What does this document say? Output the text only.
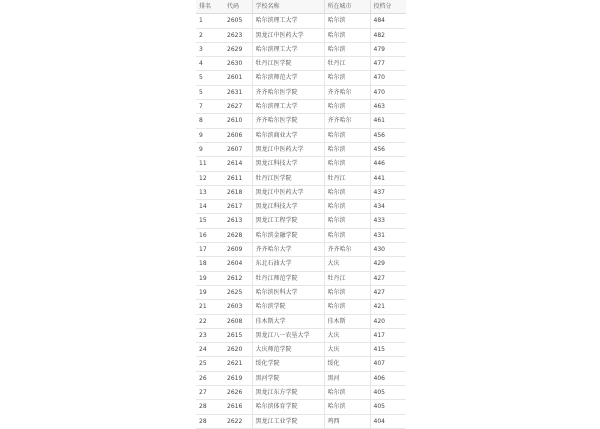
排名	代码	学校名称	所在城市	投档分
1	2605	哈尔滨理工大学	哈尔滨	484
2	2623	黑龙江中医药大学	哈尔滨	482
3	2629	哈尔滨理工大学	哈尔滨	479
4	2630	牡丹江医学院	牡丹江	477
5	2601	哈尔滨师范大学	哈尔滨	470
5	2631	齐齐哈尔医学院	齐齐哈尔	470
7	2627	哈尔滨理工大学	哈尔滨	463
8	2610	齐齐哈尔医学院	齐齐哈尔	461
9	2606	哈尔滨商业大学	哈尔滨	456
9	2607	黑龙江中医药大学	哈尔滨	456
11	2614	黑龙江科技大学	哈尔滨	446
12	2611	牡丹江医学院	牡丹江	441
13	2618	黑龙江中医药大学	哈尔滨	437
14	2617	黑龙江科技大学	哈尔滨	434
15	2613	黑龙江工程学院	哈尔滨	433
16	2628	哈尔滨金融学院	哈尔滨	431
17	2609	齐齐哈尔大学	齐齐哈尔	430
18	2604	东北石油大学	大庆	429
19	2612	牡丹江师范学院	牡丹江	427
19	2625	哈尔滨医科大学	哈尔滨	427
21	2603	哈尔滨学院	哈尔滨	421
22	2608	佳木斯大学	佳木斯	420
23	2615	黑龙江八一农垦大学	大庆	417
24	2620	大庆师范学院	大庆	415
25	2621	绥化学院	绥化	407
26	2619	黑河学院	黑河	406
27	2626	黑龙江东方学院	哈尔滨	405
28	2616	哈尔滨体育学院	哈尔滨	405
28	2622	黑龙江工业学院	鸡西	404
